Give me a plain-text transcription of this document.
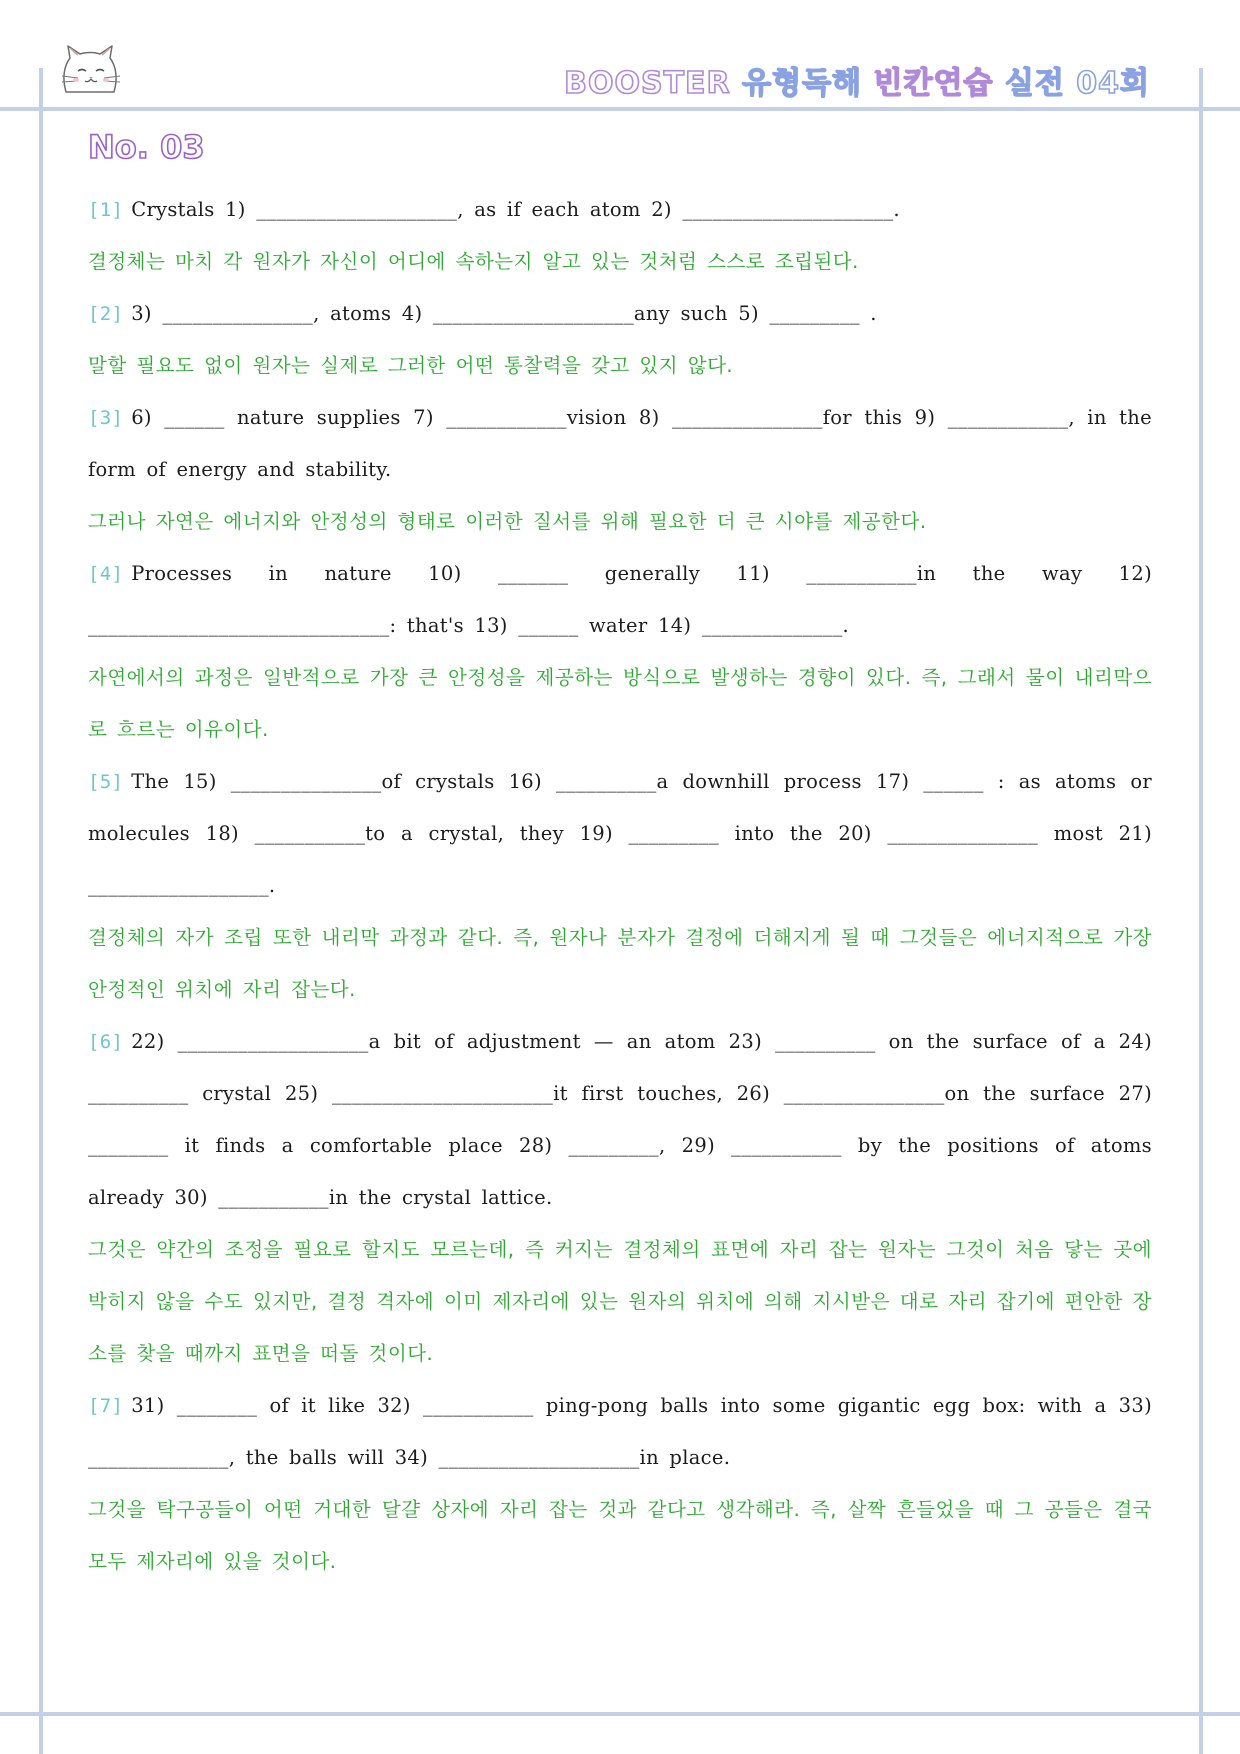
BOOSTER 유형독해 빈칸연습 실전 04회
No. 03

[1] Crystals 1) ____________________, as if each atom 2) _____________________.

결정체는 마치 각 원자가 자신이 어디에 속하는지 알고 있는 것처럼 스스로 조립된다.

[2] 3) _______________, atoms 4) ____________________any such 5) _________ .

말할 필요도 없이 원자는 실제로 그러한 어떤 통찰력을 갖고 있지 않다.

[3] 6) ______ nature supplies 7) ____________vision 8) _______________for this 9) ____________, in the form of energy and stability.

그러나 자연은 에너지와 안정성의 형태로 이러한 질서를 위해 필요한 더 큰 시야를 제공한다.

[4] Processes in nature 10) _______ generally 11) ___________in the way 12) ______________________________: that's 13) ______ water 14) ______________.

자연에서의 과정은 일반적으로 가장 큰 안정성을 제공하는 방식으로 발생하는 경향이 있다. 즉, 그래서 물이 내리막으로 흐르는 이유이다.

[5] The 15) _______________of crystals 16) __________a downhill process 17) ______ : as atoms or molecules 18) ___________to a crystal, they 19) _________ into the 20) _______________ most 21) __________________.

결정체의 자가 조립 또한 내리막 과정과 같다. 즉, 원자나 분자가 결정에 더해지게 될 때 그것들은 에너지적으로 가장 안정적인 위치에 자리 잡는다.

[6] 22) ___________________a bit of adjustment — an atom 23) __________ on the surface of a 24) __________ crystal 25) ______________________it first touches, 26) ________________on the surface 27) ________ it finds a comfortable place 28) _________, 29) ___________ by the positions of atoms already 30) ___________in the crystal lattice.

그것은 약간의 조정을 필요로 할지도 모르는데, 즉 커지는 결정체의 표면에 자리 잡는 원자는 그것이 처음 닿는 곳에 박히지 않을 수도 있지만, 결정 격자에 이미 제자리에 있는 원자의 위치에 의해 지시받은 대로 자리 잡기에 편안한 장소를 찾을 때까지 표면을 떠돌 것이다.

[7] 31) ________ of it like 32) ___________ ping-pong balls into some gigantic egg box: with a 33) ______________, the balls will 34) ____________________in place.

그것을 탁구공들이 어떤 거대한 달걀 상자에 자리 잡는 것과 같다고 생각해라. 즉, 살짝 흔들었을 때 그 공들은 결국 모두 제자리에 있을 것이다.
